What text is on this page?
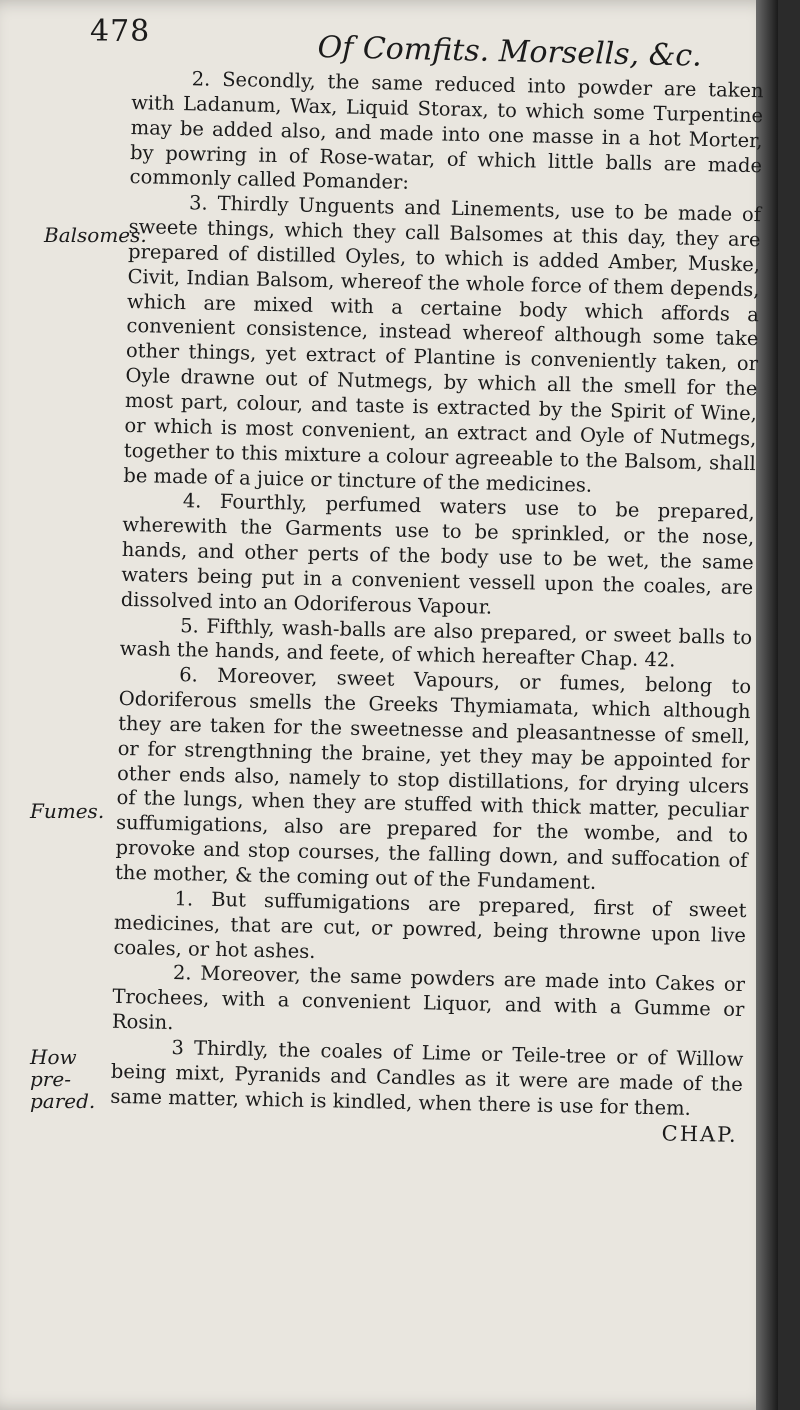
478	Of Comfits. Morsells, &c.
Balsomes.
Fumes.
How pre-pared.

2. Secondly, the same reduced into powder are taken with Ladanum, Wax, Liquid Storax, to which some Turpentine may be added also, and made into one masse in a hot Morter, by powring in of Rose-watar, of which little balls are made commonly called Pomander:

3. Thirdly Unguents and Linements, use to be made of sweete things, which they call Balsomes at this day, they are prepared of distilled Oyles, to which is added Amber, Muske, Civit, Indian Balsom, whereof the whole force of them depends, which are mixed with a certaine body which affords a convenient consistence, instead whereof although some take other things, yet extract of Plantine is conveniently taken, or Oyle drawne out of Nutmegs, by which all the smell for the most part, colour, and taste is extracted by the Spirit of Wine, or which is most convenient, an extract and Oyle of Nutmegs, together to this mixture a colour agreeable to the Balsom, shall be made of a juice or tincture of the medicines.

4. Fourthly, perfumed waters use to be prepared, wherewith the Garments use to be sprinkled, or the nose, hands, and other perts of the body use to be wet, the same waters being put in a convenient vessell upon the coales, are dissolved into an Odoriferous Vapour.

5. Fifthly, wash-balls are also prepared, or sweet balls to wash the hands, and feete, of which hereafter Chap. 42.

6. Moreover, sweet Vapours, or fumes, belong to Odoriferous smells the Greeks Thymiamata, which although they are taken for the sweetnesse and pleasantnesse of smell, or for strengthning the braine, yet they may be appointed for other ends also, namely to stop distillations, for drying ulcers of the lungs, when they are stuffed with thick matter, peculiar suffumigations, also are prepared for the wombe, and to provoke and stop courses, the falling down, and suffocation of the mother, & the coming out of the Fundament.

1. But suffumigations are prepared, first of sweet medicines, that are cut, or powred, being throwne upon live coales, or hot ashes.

2. Moreover, the same powders are made into Cakes or Trochees, with a convenient Liquor, and with a Gumme or Rosin.

3 Thirdly, the coales of Lime or Teile-tree or of Willow being mixt, Pyranids and Candles as it were are made of the same matter, which is kindled, when there is use for them.

CHAP.
